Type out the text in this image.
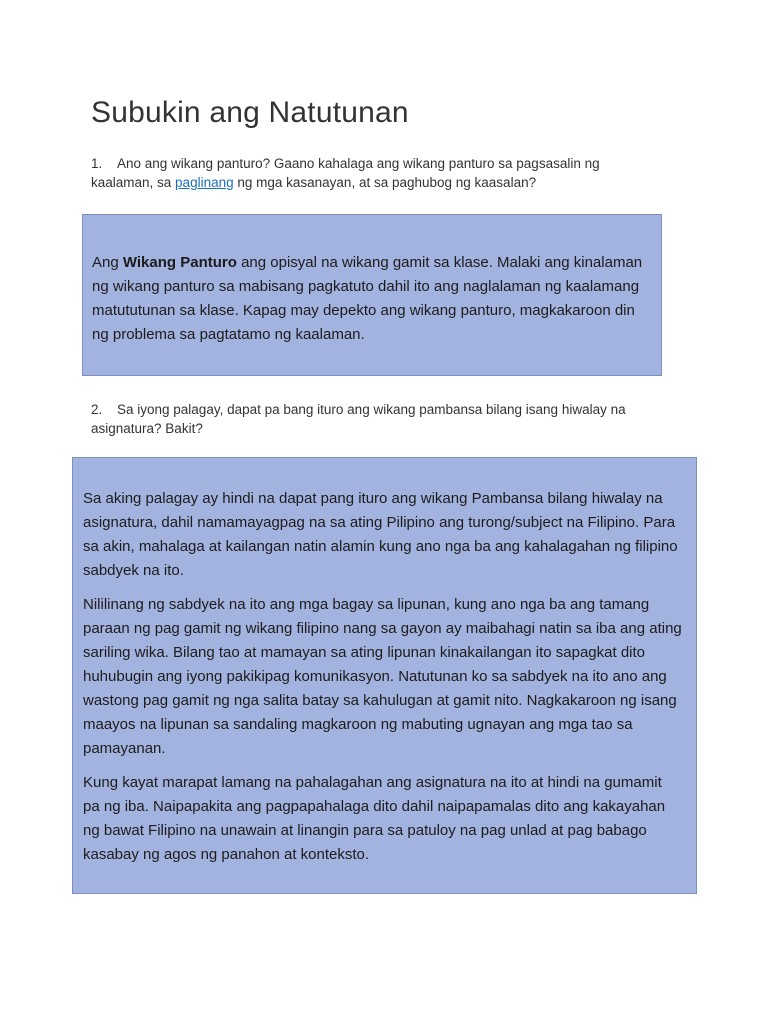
Subukin ang Natutunan

1. Ano ang wikang panturo? Gaano kahalaga ang wikang panturo sa pagsasalin ng kaalaman, sa paglinang ng mga kasanayan, at sa paghubog ng kaasalan?

Ang Wikang Panturo ang opisyal na wikang gamit sa klase. Malaki ang kinalaman ng wikang panturo sa mabisang pagkatuto dahil ito ang naglalaman ng kaalamang matututunan sa klase. Kapag may depekto ang wikang panturo, magkakaroon din ng problema sa pagtatamo ng kaalaman.

2. Sa iyong palagay, dapat pa bang ituro ang wikang pambansa bilang isang hiwalay na asignatura? Bakit?

Sa aking palagay ay hindi na dapat pang ituro ang wikang Pambansa bilang hiwalay na asignatura, dahil namamayagpag na sa ating Pilipino ang turong/subject na Filipino. Para sa akin, mahalaga at kailangan natin alamin kung ano nga ba ang kahalagahan ng filipino sabdyek na ito.

Nililinang ng sabdyek na ito ang mga bagay sa lipunan, kung ano nga ba ang tamang paraan ng pag gamit ng wikang filipino nang sa gayon ay maibahagi natin sa iba ang ating sariling wika. Bilang tao at mamayan sa ating lipunan kinakailangan ito sapagkat dito huhubugin ang iyong pakikipag komunikasyon. Natutunan ko sa sabdyek na ito ano ang wastong pag gamit ng nga salita batay sa kahulugan at gamit nito. Nagkakaroon ng isang maayos na lipunan sa sandaling magkaroon ng mabuting ugnayan ang mga tao sa pamayanan.

Kung kayat marapat lamang na pahalagahan ang asignatura na ito at hindi na gumamit pa ng iba. Naipapakita ang pagpapahalaga dito dahil naipapamalas dito ang kakayahan ng bawat Filipino na unawain at linangin para sa patuloy na pag unlad at pag babago kasabay ng agos ng panahon at konteksto.
